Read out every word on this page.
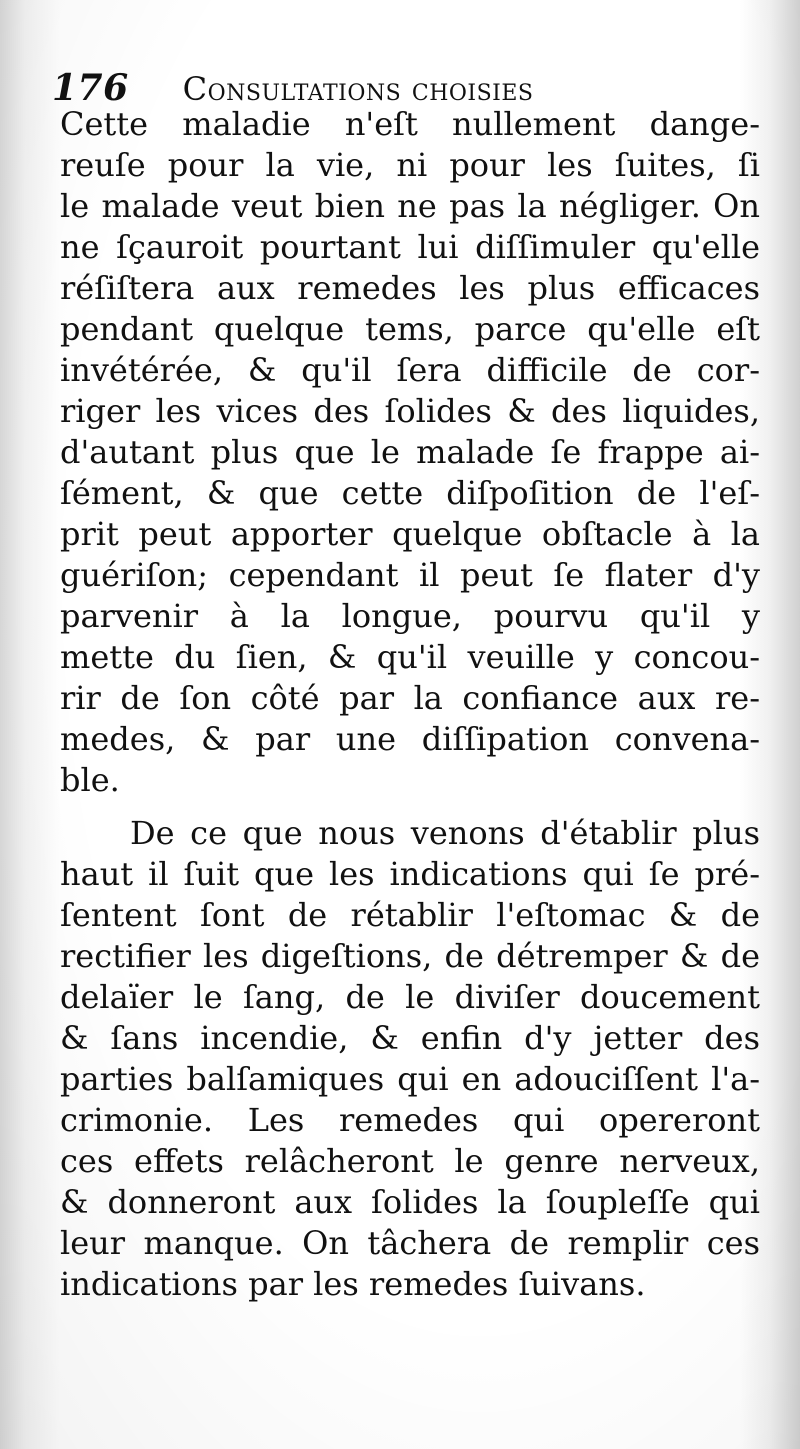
176 Consultations choisies
Cette maladie n'eſt nullement dange-
reuſe pour la vie, ni pour les ſuites, ſi
le malade veut bien ne pas la négliger. On
ne ſçauroit pourtant lui diſſimuler qu'elle
réſiſtera aux remedes les plus efficaces
pendant quelque tems, parce qu'elle eſt
invétérée, & qu'il ſera difficile de cor-
riger les vices des ſolides & des liquides,
d'autant plus que le malade ſe frappe ai-
ſément, & que cette diſpoſition de l'eſ-
prit peut apporter quelque obſtacle à la
guériſon; cependant il peut ſe flater d'y
parvenir à la longue, pourvu qu'il y
mette du ſien, & qu'il veuille y concou-
rir de ſon côté par la confiance aux re-
medes, & par une diſſipation convena-
ble.
De ce que nous venons d'établir plus
haut il ſuit que les indications qui ſe pré-
ſentent ſont de rétablir l'eſtomac & de
rectifier les digeſtions, de détremper & de
delaïer le ſang, de le diviſer doucement
& ſans incendie, & enfin d'y jetter des
parties balſamiques qui en adouciſſent l'a-
crimonie. Les remedes qui opereront
ces effets relâcheront le genre nerveux,
& donneront aux ſolides la ſoupleſſe qui
leur manque. On tâchera de remplir ces
indications par les remedes ſuivans.
